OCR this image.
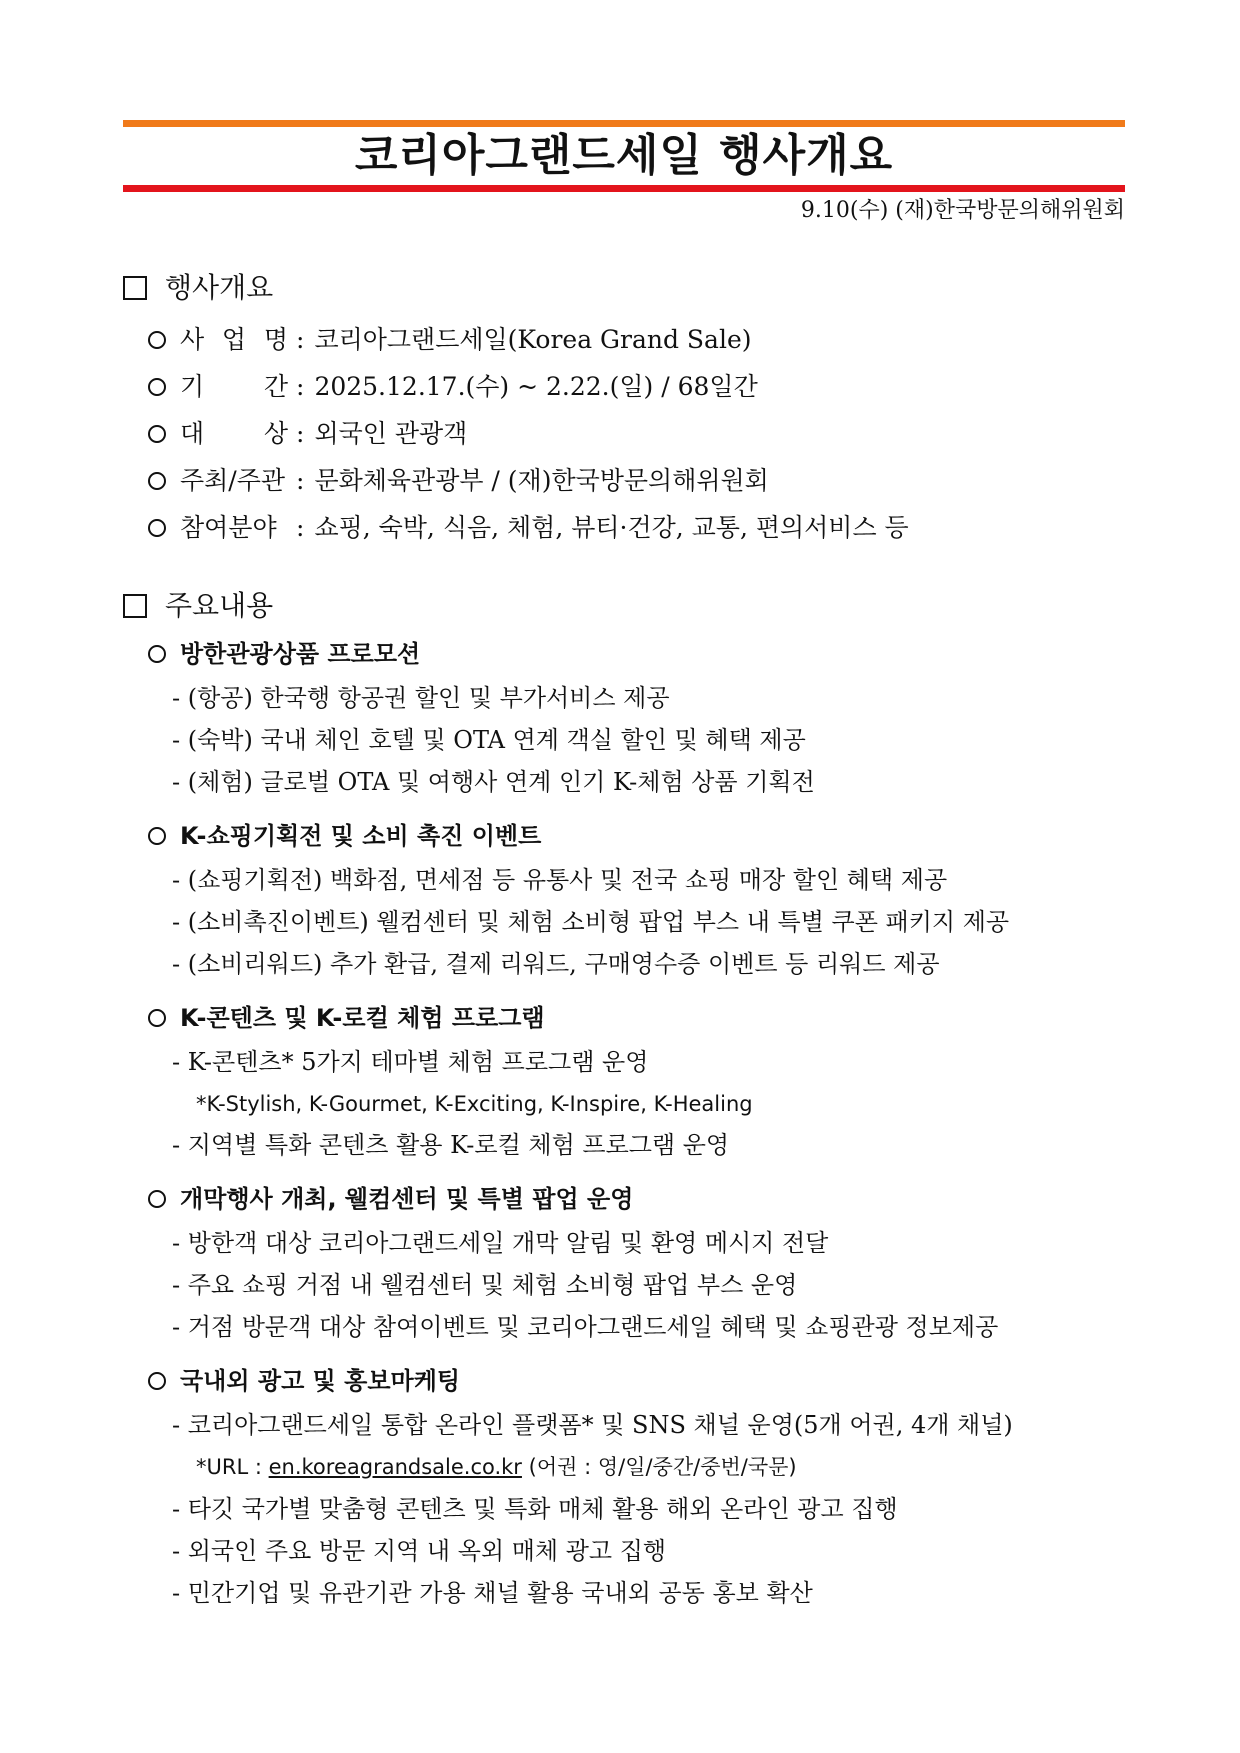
코리아그랜드세일 행사개요
9.10(수) (재)한국방문의해위원회
행사개요
사 업 명 : 코리아그랜드세일(Korea Grand Sale)
기 간 : 2025.12.17.(수) ~ 2.22.(일) / 68일간
대 상 : 외국인 관광객
주최/주관 : 문화체육관광부 / (재)한국방문의해위원회
참여분야 : 쇼핑, 숙박, 식음, 체험, 뷰티·건강, 교통, 편의서비스 등
주요내용
방한관광상품 프로모션
- (항공) 한국행 항공권 할인 및 부가서비스 제공
- (숙박) 국내 체인 호텔 및 OTA 연계 객실 할인 및 혜택 제공
- (체험) 글로벌 OTA 및 여행사 연계 인기 K-체험 상품 기획전
K-쇼핑기획전 및 소비 촉진 이벤트
- (쇼핑기획전) 백화점, 면세점 등 유통사 및 전국 쇼핑 매장 할인 혜택 제공
- (소비촉진이벤트) 웰컴센터 및 체험 소비형 팝업 부스 내 특별 쿠폰 패키지 제공
- (소비리워드) 추가 환급, 결제 리워드, 구매영수증 이벤트 등 리워드 제공
K-콘텐츠 및 K-로컬 체험 프로그램
- K-콘텐츠* 5가지 테마별 체험 프로그램 운영
*K-Stylish, K-Gourmet, K-Exciting, K-Inspire, K-Healing
- 지역별 특화 콘텐츠 활용 K-로컬 체험 프로그램 운영
개막행사 개최, 웰컴센터 및 특별 팝업 운영
- 방한객 대상 코리아그랜드세일 개막 알림 및 환영 메시지 전달
- 주요 쇼핑 거점 내 웰컴센터 및 체험 소비형 팝업 부스 운영
- 거점 방문객 대상 참여이벤트 및 코리아그랜드세일 혜택 및 쇼핑관광 정보제공
국내외 광고 및 홍보마케팅
- 코리아그랜드세일 통합 온라인 플랫폼* 및 SNS 채널 운영(5개 어권, 4개 채널)
*URL : en.koreagrandsale.co.kr (어권 : 영/일/중간/중번/국문)
- 타깃 국가별 맞춤형 콘텐츠 및 특화 매체 활용 해외 온라인 광고 집행
- 외국인 주요 방문 지역 내 옥외 매체 광고 집행
- 민간기업 및 유관기관 가용 채널 활용 국내외 공동 홍보 확산
